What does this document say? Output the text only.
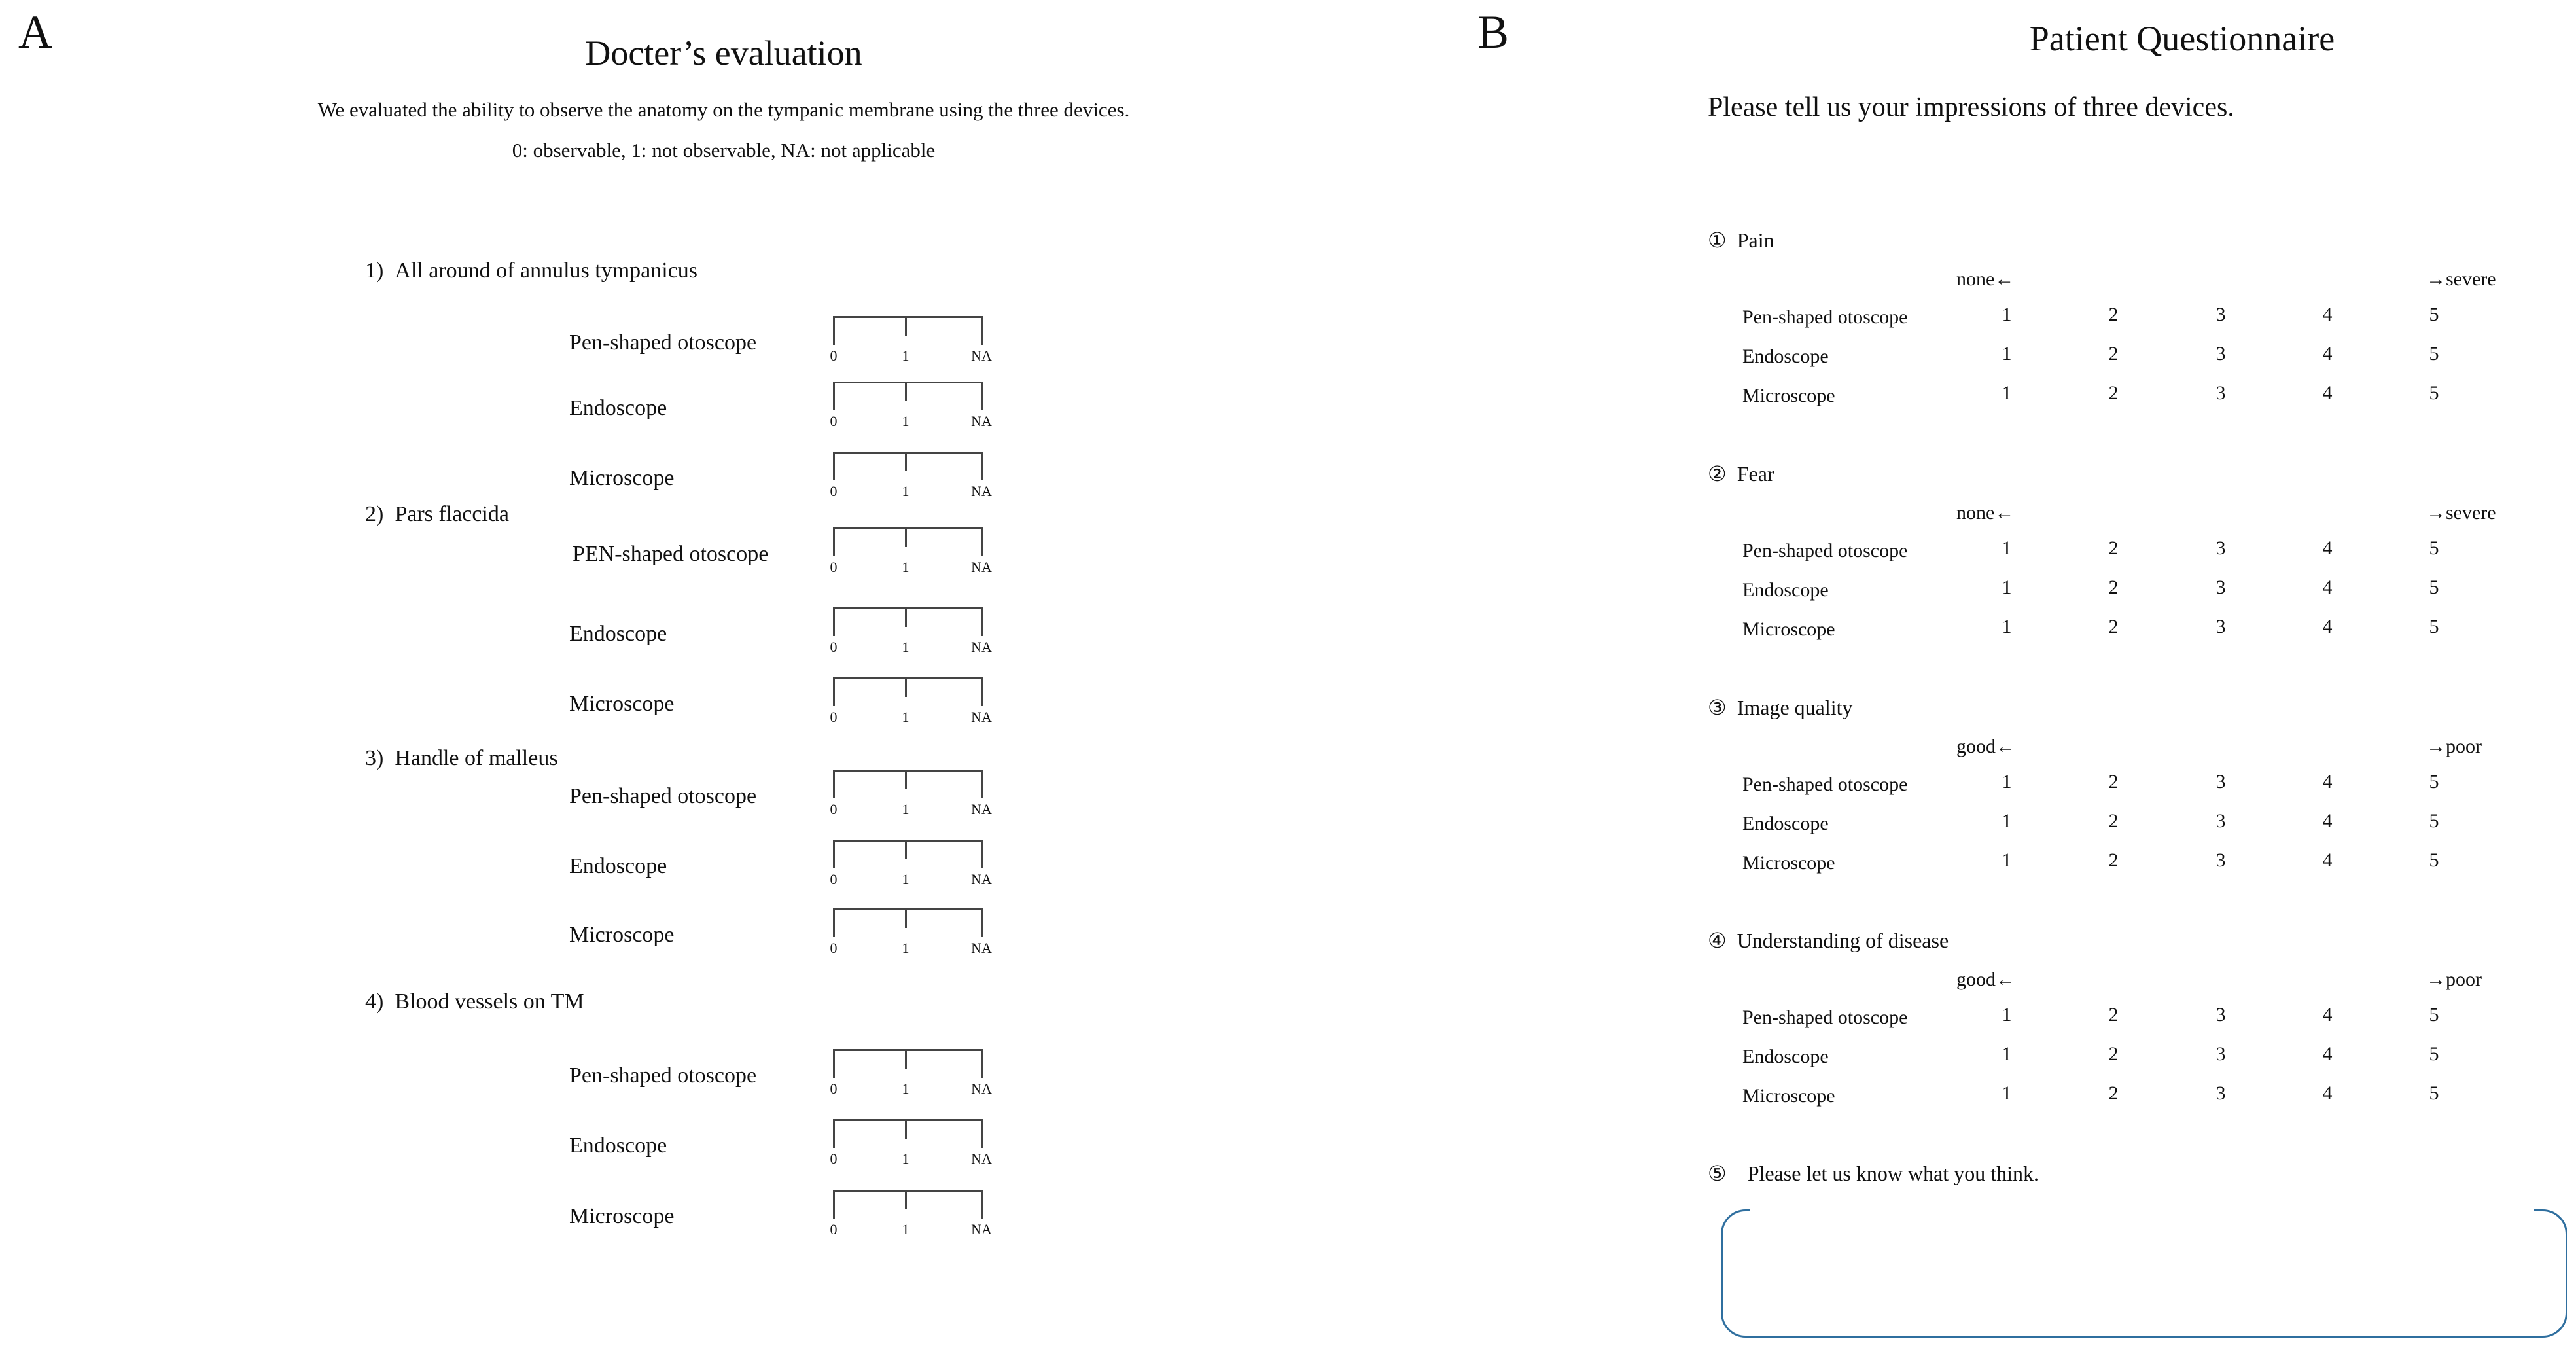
A	Docter’s evaluation
We evaluated the ability to observe the anatomy on the tympanic membrane using the three devices.
0: observable, 1: not observable, NA: not applicable
1) All around of annulus tympanicus
Pen-shaped otoscope
0	1	NA
Endoscope
0	1	NA
Microscope
0	1	NA
2) Pars flaccida
PEN-shaped otoscope
0	1	NA
Endoscope
0	1	NA
Microscope
0	1	NA
3) Handle of malleus
Pen-shaped otoscope
0	1	NA
Endoscope
0	1	NA
Microscope
0	1	NA
4) Blood vessels on TM
Pen-shaped otoscope
0	1	NA
Endoscope
0	1	NA
Microscope
0	1	NA
B	Patient Questionnaire
Please tell us your impressions of three devices.
① Pain
none←	→severe
Pen-shaped otoscope	1	2	3	4	5
Endoscope	1	2	3	4	5
Microscope	1	2	3	4	5
② Fear
none←	→severe
Pen-shaped otoscope	1	2	3	4	5
Endoscope	1	2	3	4	5
Microscope	1	2	3	4	5
③ Image quality
good←	→poor
Pen-shaped otoscope	1	2	3	4	5
Endoscope	1	2	3	4	5
Microscope	1	2	3	4	5
④ Understanding of disease
good←	→poor
Pen-shaped otoscope	1	2	3	4	5
Endoscope	1	2	3	4	5
Microscope	1	2	3	4	5
⑤ Please let us know what you think.
